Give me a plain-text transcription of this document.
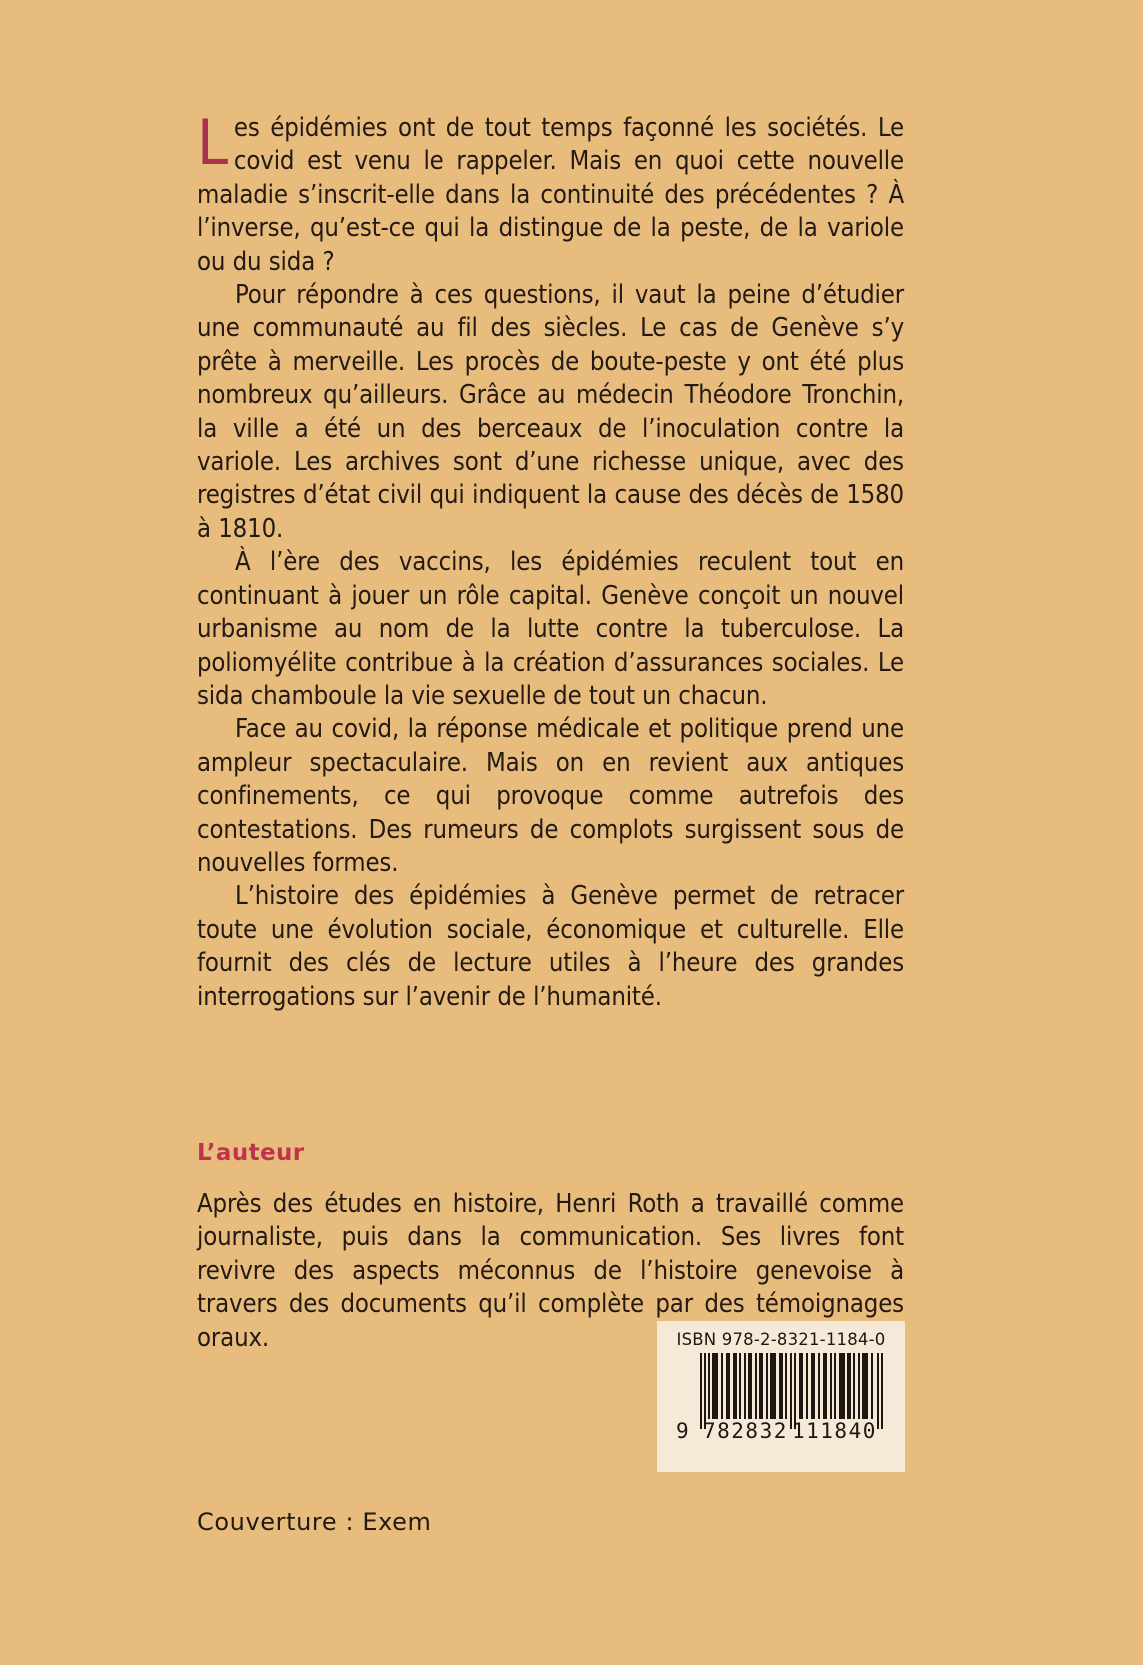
Les épidémies ont de tout temps façonné les sociétés. Le covid est venu le rappeler. Mais en quoi cette nouvelle maladie s’inscrit-elle dans la continuité des précédentes ? À l’inverse, qu’est-ce qui la distingue de la peste, de la variole ou du sida ?

Pour répondre à ces questions, il vaut la peine d’étudier une communauté au fil des siècles. Le cas de Genève s’y prête à merveille. Les procès de boute-peste y ont été plus nombreux qu’ailleurs. Grâce au médecin Théodore Tronchin, la ville a été un des berceaux de l’inoculation contre la variole. Les archives sont d’une richesse unique, avec des registres d’état civil qui indiquent la cause des décès de 1580 à 1810.

À l’ère des vaccins, les épidémies reculent tout en continuant à jouer un rôle capital. Genève conçoit un nouvel urbanisme au nom de la lutte contre la tuberculose. La poliomyélite contribue à la création d’assurances sociales. Le sida chamboule la vie sexuelle de tout un chacun.

Face au covid, la réponse médicale et politique prend une ampleur spectaculaire. Mais on en revient aux antiques confinements, ce qui provoque comme autrefois des contestations. Des rumeurs de complots surgissent sous de nouvelles formes.

L’histoire des épidémies à Genève permet de retracer toute une évolution sociale, économique et culturelle. Elle fournit des clés de lecture utiles à l’heure des grandes interrogations sur l’avenir de l’humanité.

L’auteur

Après des études en histoire, Henri Roth a travaillé comme journaliste, puis dans la communication. Ses livres font revivre des aspects méconnus de l’histoire genevoise à travers des documents qu’il complète par des témoignages oraux.

Couverture : Exem
ISBN 978-2-8321-1184-0
9 782832 111840
